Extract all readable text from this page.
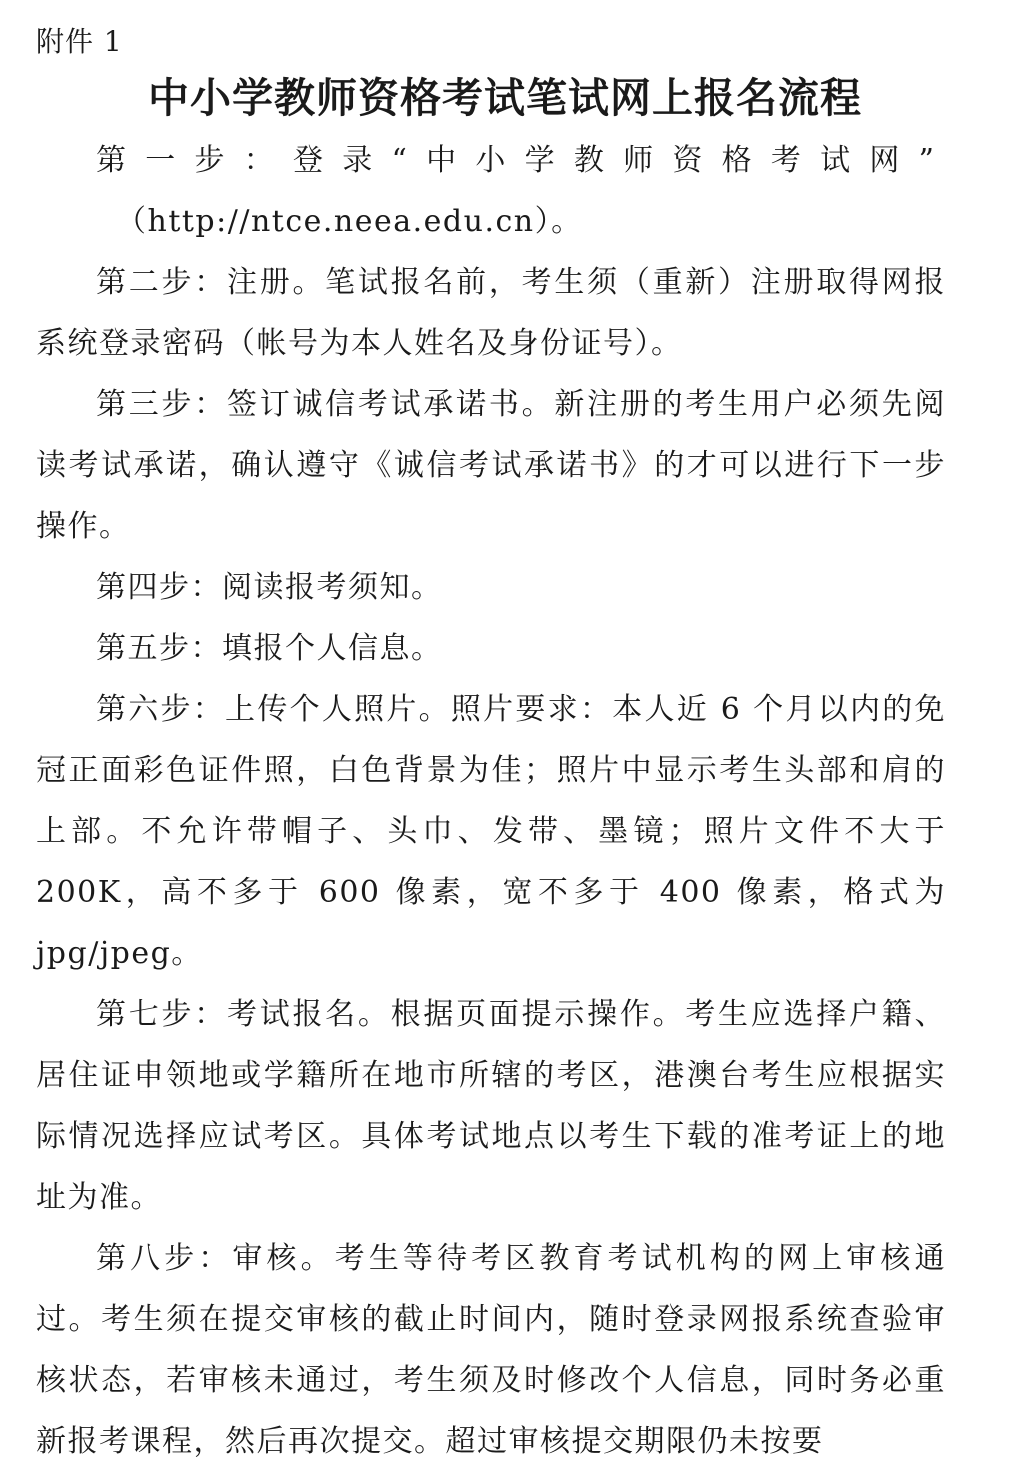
附件 1
中小学教师资格考试笔试网上报名流程

第一步：登录“中小学教师资格考试网”

（http://ntce.neea.edu.cn）。

第二步：注册。笔试报名前，考生须（重新）注册取得网报系统登录密码（帐号为本人姓名及身份证号）。

第三步：签订诚信考试承诺书。新注册的考生用户必须先阅读考试承诺，确认遵守《诚信考试承诺书》的才可以进行下一步操作。

第四步：阅读报考须知。

第五步：填报个人信息。

第六步：上传个人照片。照片要求：本人近 6 个月以内的免冠正面彩色证件照，白色背景为佳；照片中显示考生头部和肩的上部。不允许带帽子、头巾、发带、墨镜；照片文件不大于 200K，高不多于 600 像素，宽不多于 400 像素，格式为 jpg/jpeg。

第七步：考试报名。根据页面提示操作。考生应选择户籍、居住证申领地或学籍所在地市所辖的考区，港澳台考生应根据实际情况选择应试考区。具体考试地点以考生下载的准考证上的地址为准。

第八步：审核。考生等待考区教育考试机构的网上审核通过。考生须在提交审核的截止时间内，随时登录网报系统查验审核状态，若审核未通过，考生须及时修改个人信息，同时务必重新报考课程，然后再次提交。超过审核提交期限仍未按要
